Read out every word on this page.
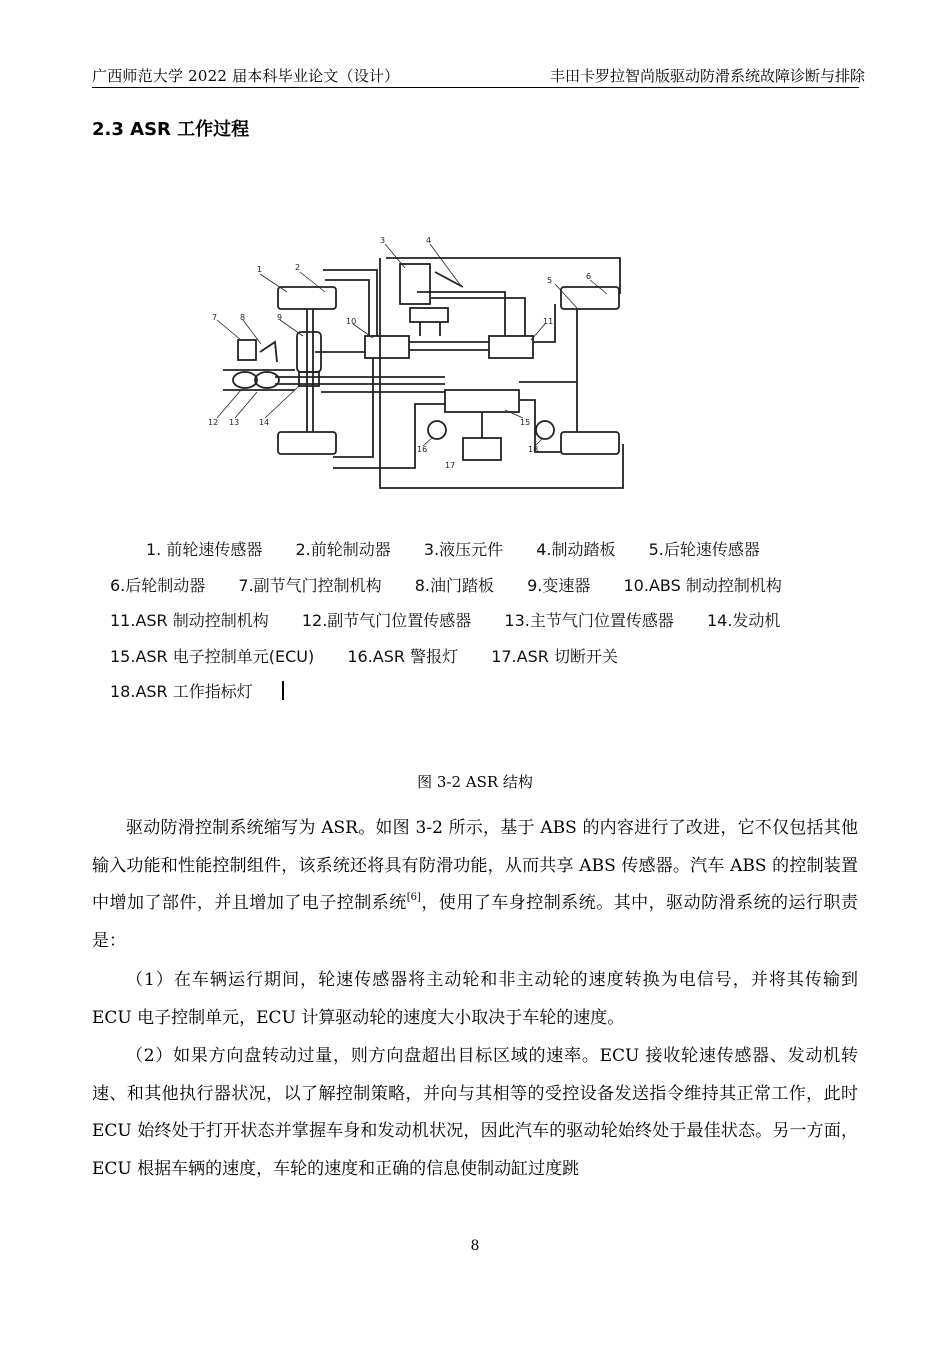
广西师范大学 2022 届本科毕业论文（设计）	丰田卡罗拉智尚版驱动防滑系统故障诊断与排除
2.3 ASR 工作过程
1	2
3	4
5	6
7	8	9	10	11
12 13 14	15
16
17
18
1. 前轮速传感器 2.前轮制动器 3.液压元件 4.制动踏板 5.后轮速传感器 6.后轮制动器 7.副节气门控制机构 8.油门踏板 9.变速器 10.ABS 制动控制机构 11.ASR 制动控制机构 12.副节气门位置传感器 13.主节气门位置传感器 14.发动机 15.ASR 电子控制单元(ECU) 16.ASR 警报灯 17.ASR 切断开关 18.ASR 工作指标灯
图 3-2 ASR 结构
驱动防滑控制系统缩写为 ASR。如图 3-2 所示，基于 ABS 的内容进行了改进，它不仅包括其他输入功能和性能控制组件，该系统还将具有防滑功能，从而共享 ABS 传感器。汽车 ABS 的控制装置中增加了部件，并且增加了电子控制系统[6]，使用了车身控制系统。其中，驱动防滑系统的运行职责是：
（1）在车辆运行期间，轮速传感器将主动轮和非主动轮的速度转换为电信号，并将其传输到 ECU 电子控制单元，ECU 计算驱动轮的速度大小取决于车轮的速度。
（2）如果方向盘转动过量，则方向盘超出目标区域的速率。ECU 接收轮速传感器、发动机转速、和其他执行器状况，以了解控制策略，并向与其相等的受控设备发送指令维持其正常工作，此时 ECU 始终处于打开状态并掌握车身和发动机状况，因此汽车的驱动轮始终处于最佳状态。另一方面，ECU 根据车辆的速度，车轮的速度和正确的信息使制动缸过度跳
8
